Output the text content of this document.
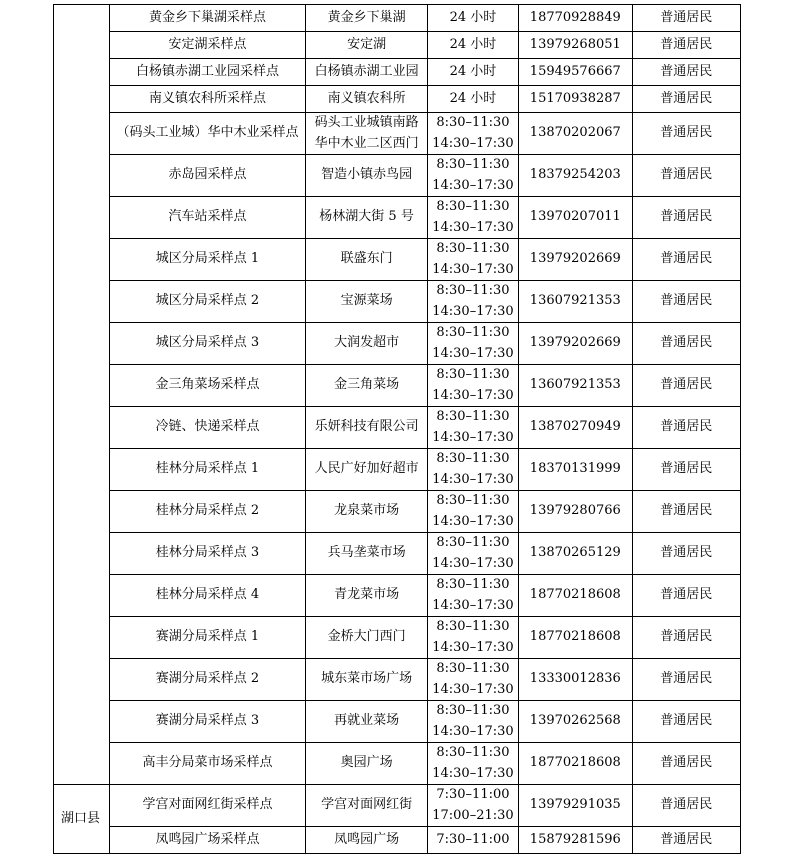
	黄金乡下巢湖采样点	黄金乡下巢湖	24 小时	18770928849	普通居民
	安定湖采样点	安定湖	24 小时	13979268051	普通居民
	白杨镇赤湖工业园采样点	白杨镇赤湖工业园	24 小时	15949576667	普通居民
	南义镇农科所采样点	南义镇农科所	24 小时	15170938287	普通居民
	（码头工业城）华中木业采样点	码头工业城镇南路华中木业二区西门	8:30–11:30
14:30–17:30	13870202067	普通居民
	赤岛园采样点	智造小镇赤鸟园	8:30–11:30
14:30–17:30	18379254203	普通居民
	汽车站采样点	杨林湖大街 5 号	8:30–11:30
14:30–17:30	13970207011	普通居民
	城区分局采样点 1	联盛东门	8:30–11:30
14:30–17:30	13979202669	普通居民
	城区分局采样点 2	宝源菜场	8:30–11:30
14:30–17:30	13607921353	普通居民
	城区分局采样点 3	大润发超市	8:30–11:30
14:30–17:30	13979202669	普通居民
	金三角菜场采样点	金三角菜场	8:30–11:30
14:30–17:30	13607921353	普通居民
	冷链、快递采样点	乐妍科技有限公司	8:30–11:30
14:30–17:30	13870270949	普通居民
	桂林分局采样点 1	人民广好加好超市	8:30–11:30
14:30–17:30	18370131999	普通居民
	桂林分局采样点 2	龙泉菜市场	8:30–11:30
14:30–17:30	13979280766	普通居民
	桂林分局采样点 3	兵马垄菜市场	8:30–11:30
14:30–17:30	13870265129	普通居民
	桂林分局采样点 4	青龙菜市场	8:30–11:30
14:30–17:30	18770218608	普通居民
	赛湖分局采样点 1	金桥大门西门	8:30–11:30
14:30–17:30	18770218608	普通居民
	赛湖分局采样点 2	城东菜市场广场	8:30–11:30
14:30–17:30	13330012836	普通居民
	赛湖分局采样点 3	再就业菜场	8:30–11:30
14:30–17:30	13970262568	普通居民
	高丰分局菜市场采样点	奥园广场	8:30–11:30
14:30–17:30	18770218608	普通居民
湖口县	学宫对面网红街采样点	学宫对面网红街	7:30–11:00
17:00–21:30	13979291035	普通居民
	凤鸣园广场采样点	凤鸣园广场	7:30–11:00	15879281596	普通居民
